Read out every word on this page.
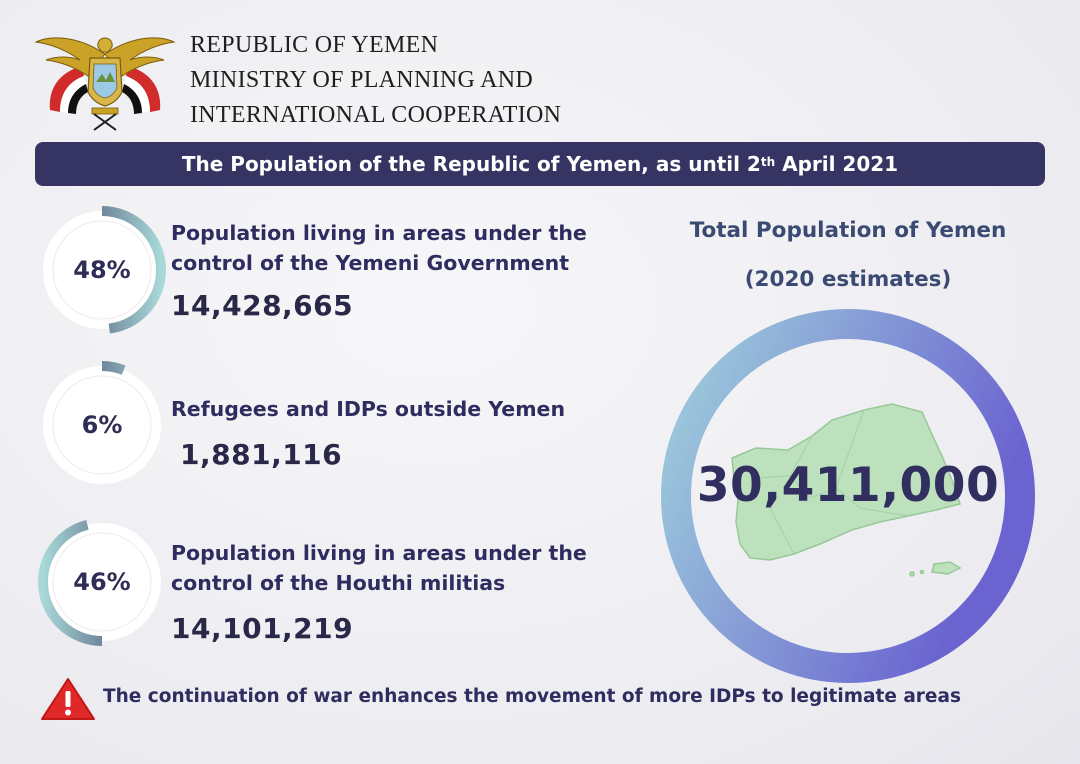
REPUBLIC OF YEMEN
MINISTRY OF PLANNING AND
INTERNATIONAL COOPERATION
The Population of the Republic of Yemen, as until 2th April 2021
48%
Population living in areas under the
control of the Yemeni Government
14,428,665
6%
Refugees and IDPs outside Yemen
1,881,116
46%
Population living in areas under the
control of the Houthi militias
14,101,219
Total Population of Yemen
(2020 estimates)
30,411,000
The continuation of war enhances the movement of more IDPs to legitimate areas
